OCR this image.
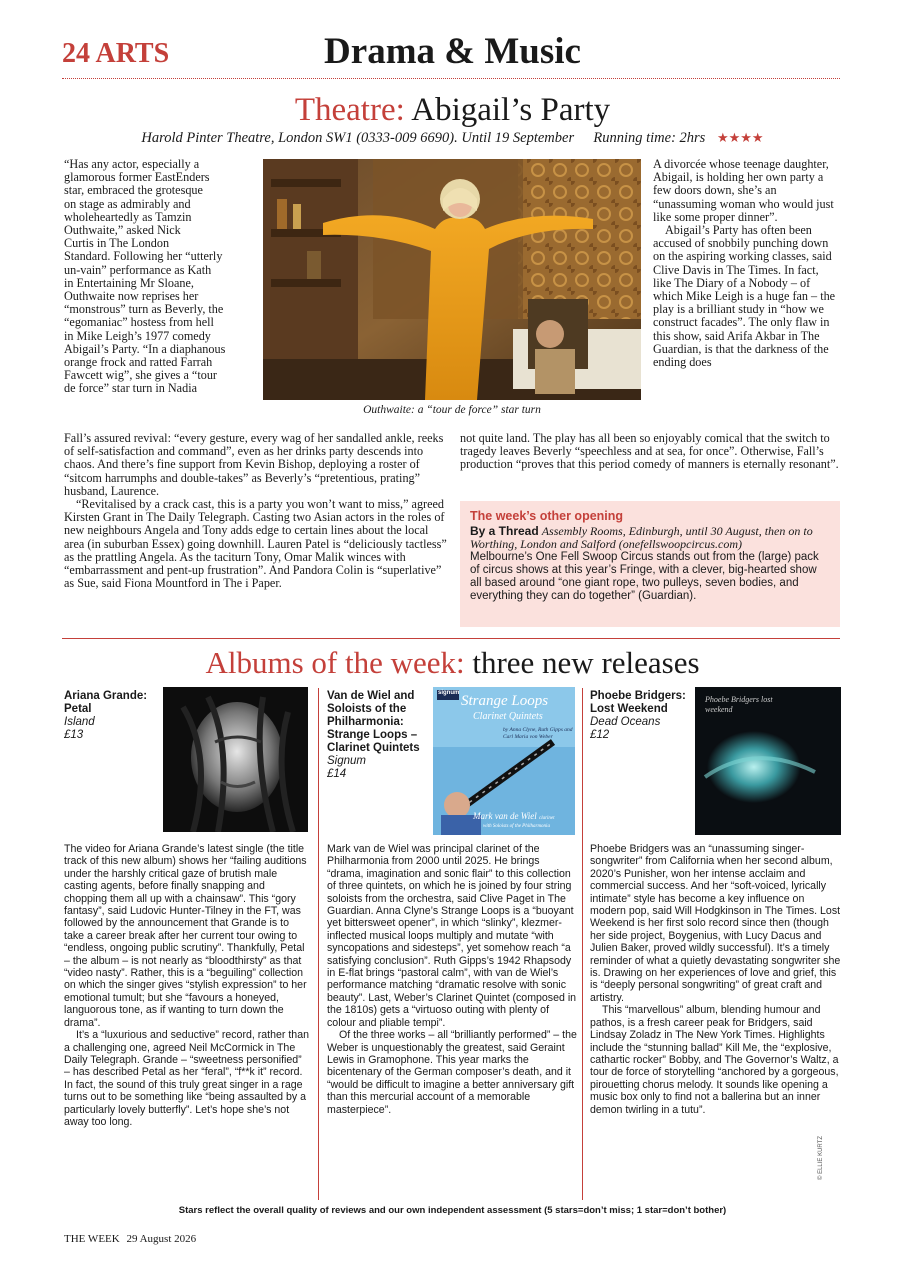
24 ARTS	Drama & Music
Theatre: Abigail’s Party
Harold Pinter Theatre, London SW1 (0333-009 6690). Until 19 September Running time: 2hrs ★★★★
“Has any actor, especially a
glamorous former EastEnders
star, embraced the grotesque
on stage as admirably and
wholeheartedly as Tamzin
Outhwaite,” asked Nick
Curtis in The London
Standard. Following her “utterly
un-vain” performance as Kath
in Entertaining Mr Sloane,
Outhwaite now reprises her
“monstrous” turn as Beverly, the
“egomaniac” hostess from hell
in Mike Leigh’s 1977 comedy
Abigail’s Party. “In a diaphanous
orange frock and ratted Farrah
Fawcett wig”, she gives a “tour
de force” star turn in Nadia
Outhwaite: a “tour de force” star turn

A divorcée whose teenage daughter, Abigail, is holding her own party a few doors down, she’s an “unassuming woman who would just like some proper dinner”.

Abigail’s Party has often been accused of snobbily punching down on the aspiring working classes, said Clive Davis in The Times. In fact, like The Diary of a Nobody – of which Mike Leigh is a huge fan – the play is a brilliant study in “how we construct facades”. The only flaw in this show, said Arifa Akbar in The Guardian, is that the darkness of the ending does

Fall’s assured revival: “every gesture, every wag of her sandalled ankle, reeks of self-satisfaction and command”, even as her drinks party descends into chaos. And there’s fine support from Kevin Bishop, deploying a roster of “sitcom harrumphs and double-takes” as Beverly’s “pretentious, prating” husband, Laurence.

“Revitalised by a crack cast, this is a party you won’t want to miss,” agreed Kirsten Grant in The Daily Telegraph. Casting two Asian actors in the roles of new neighbours Angela and Tony adds edge to certain lines about the local area (in suburban Essex) going downhill. Lauren Patel is “deliciously tactless” as the prattling Angela. As the taciturn Tony, Omar Malik winces with “embarrassment and pent-up frustration”. And Pandora Colin is “superlative” as Sue, said Fiona Mountford in The i Paper.

not quite land. The play has all been so enjoyably comical that the switch to tragedy leaves Beverly “speechless and at sea, for once”. Otherwise, Fall’s production “proves that this period comedy of manners is eternally resonant”.

The week’s other opening
By a Thread Assembly Rooms, Edinburgh, until 30 August, then on to Worthing, London and Salford (onefellswoopcircus.com)
Melbourne’s One Fell Swoop Circus stands out from the (large) pack of circus shows at this year’s Fringe, with a clever, big-hearted show all based around “one giant rope, two pulleys, seven bodies, and everything they can do together” (Guardian).
Albums of the week: three new releases
Ariana Grande: Petal
Island
£13

The video for Ariana Grande’s latest single (the title track of this new album) shows her “failing auditions under the harshly critical gaze of brutish male casting agents, before finally snapping and chopping them all up with a chainsaw”. This “gory fantasy”, said Ludovic Hunter-Tilney in the FT, was followed by the announcement that Grande is to take a career break after her current tour owing to “endless, ongoing public scrutiny”. Thankfully, Petal – the album – is not nearly as “bloodthirsty” as that “video nasty”. Rather, this is a “beguiling” collection on which the singer gives “stylish expression” to her emotional tumult; but she “favours a honeyed, languorous tone, as if wanting to turn down the drama”.

It’s a “luxurious and seductive” record, rather than a challenging one, agreed Neil McCormick in The Daily Telegraph. Grande – “sweetness personified” – has described Petal as her “feral”, “f**k it” record. In fact, the sound of this truly great singer in a rage turns out to be something like “being assaulted by a particularly lovely butterfly”. Let’s hope she’s not away too long.

Van de Wiel and Soloists of the Philharmonia: Strange Loops – Clarinet Quintets
Signum
£14
signum Strange Loops
Clarinet Quintets
by Anna Clyne, Ruth Gipps and Carl Maria von Weber
Mark van de Wiel clarinet
with Soloists of the Philharmonia

Mark van de Wiel was principal clarinet of the Philharmonia from 2000 until 2025. He brings “drama, imagination and sonic flair” to this collection of three quintets, on which he is joined by four string soloists from the orchestra, said Clive Paget in The Guardian. Anna Clyne’s Strange Loops is a “buoyant yet bittersweet opener”, in which “slinky”, klezmer-inflected musical loops multiply and mutate “with syncopations and sidesteps”, yet somehow reach “a satisfying conclusion”. Ruth Gipps’s 1942 Rhapsody in E-flat brings “pastoral calm”, with van de Wiel’s performance matching “dramatic resolve with sonic beauty”. Last, Weber’s Clarinet Quintet (composed in the 1810s) gets a “virtuoso outing with plenty of colour and pliable tempi”.

Of the three works – all “brilliantly performed” – the Weber is unquestionably the greatest, said Geraint Lewis in Gramophone. This year marks the bicentenary of the German composer’s death, and it “would be difficult to imagine a better anniversary gift than this mercurial account of a memorable masterpiece”.

Phoebe Bridgers: Lost Weekend
Dead Oceans
£12
Phoebe Bridgers lost weekend

Phoebe Bridgers was an “unassuming singer-songwriter” from California when her second album, 2020’s Punisher, won her intense acclaim and commercial success. And her “soft-voiced, lyrically intimate” style has become a key influence on modern pop, said Will Hodgkinson in The Times. Lost Weekend is her first solo record since then (though her side project, Boygenius, with Lucy Dacus and Julien Baker, proved wildly successful). It’s a timely reminder of what a quietly devastating songwriter she is. Drawing on her experiences of love and grief, this is “deeply personal songwriting” of great craft and artistry.

This “marvellous” album, blending humour and pathos, is a fresh career peak for Bridgers, said Lindsay Zoladz in The New York Times. Highlights include the “stunning ballad” Kill Me, the “explosive, cathartic rocker” Bobby, and The Governor’s Waltz, a tour de force of storytelling “anchored by a gorgeous, pirouetting chorus melody. It sounds like opening a music box only to find not a ballerina but an inner demon twirling in a tutu”.

© ELLIE KURTZ
Stars reflect the overall quality of reviews and our own independent assessment (5 stars=don’t miss; 1 star=don’t bother)
THE WEEK 29 August 2026
